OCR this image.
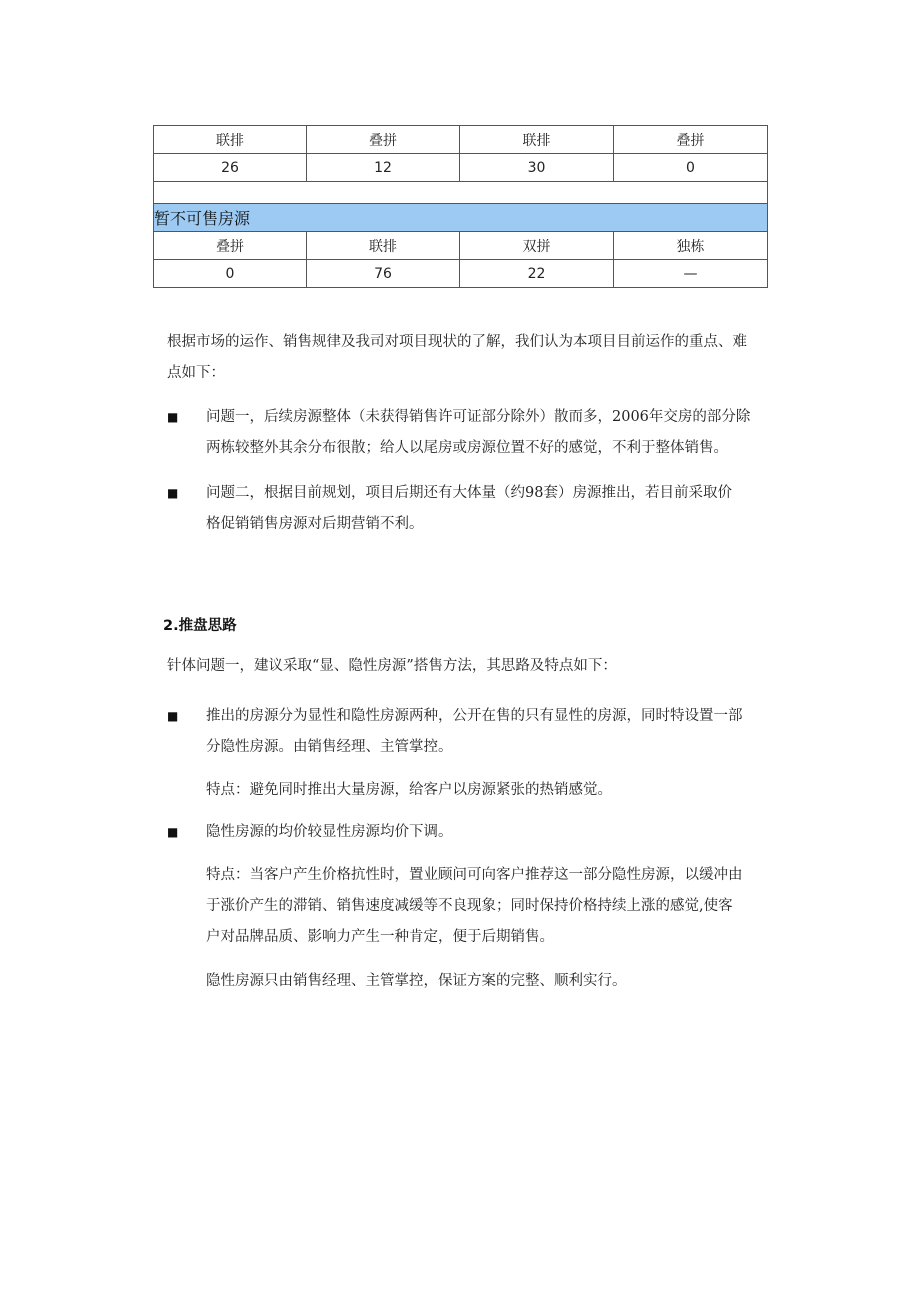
联排	叠拼	联排	叠拼
26	12	30	0

暂不可售房源			
叠拼	联排	双拼	独栋
0	76	22	—

根据市场的运作、销售规律及我司对项目现状的了解，我们认为本项目目前运作的重点、难

点如下：

■ 问题一，后续房源整体（未获得销售许可证部分除外）散而多，2006年交房的部分除

两栋较整外其余分布很散；给人以尾房或房源位置不好的感觉，不利于整体销售。

■ 问题二，根据目前规划，项目后期还有大体量（约98套）房源推出，若目前采取价

格促销销售房源对后期营销不利。

2.推盘思路

针体问题一，建议采取“显、隐性房源”搭售方法，其思路及特点如下：

■ 推出的房源分为显性和隐性房源两种，公开在售的只有显性的房源，同时特设置一部

分隐性房源。由销售经理、主管掌控。

特点：避免同时推出大量房源，给客户以房源紧张的热销感觉。

■ 隐性房源的均价较显性房源均价下调。

特点：当客户产生价格抗性时，置业顾问可向客户推荐这一部分隐性房源，以缓冲由

于涨价产生的滞销、销售速度减缓等不良现象；同时保持价格持续上涨的感觉,使客

户对品牌品质、影响力产生一种肯定，便于后期销售。

隐性房源只由销售经理、主管掌控，保证方案的完整、顺利实行。
